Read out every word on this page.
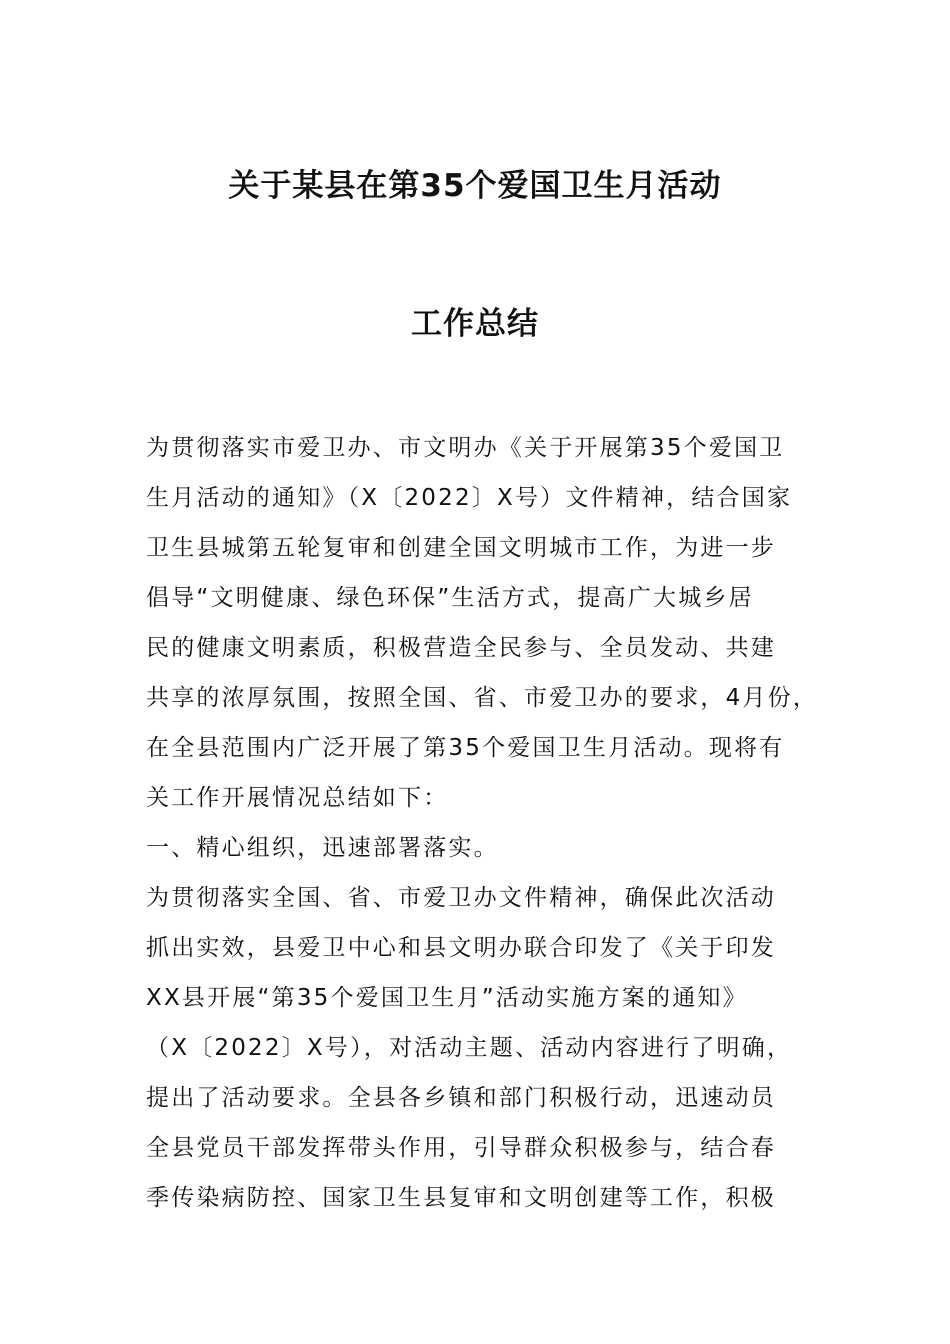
关于某县在第35个爱国卫生月活动
工作总结
为贯彻落实市爱卫办、市文明办《关于开展第35个爱国卫
生月活动的通知》（X〔2022〕X号）文件精神，结合国家
卫生县城第五轮复审和创建全国文明城市工作，为进一步
倡导“文明健康、绿色环保”生活方式，提高广大城乡居
民的健康文明素质，积极营造全民参与、全员发动、共建
共享的浓厚氛围，按照全国、省、市爱卫办的要求，4月份，
在全县范围内广泛开展了第35个爱国卫生月活动。现将有
关工作开展情况总结如下：
一、精心组织，迅速部署落实。
为贯彻落实全国、省、市爱卫办文件精神，确保此次活动
抓出实效，县爱卫中心和县文明办联合印发了《关于印发
XX县开展“第35个爱国卫生月”活动实施方案的通知》
（X〔2022〕X号），对活动主题、活动内容进行了明确，
提出了活动要求。全县各乡镇和部门积极行动，迅速动员
全县党员干部发挥带头作用，引导群众积极参与，结合春
季传染病防控、国家卫生县复审和文明创建等工作，积极
